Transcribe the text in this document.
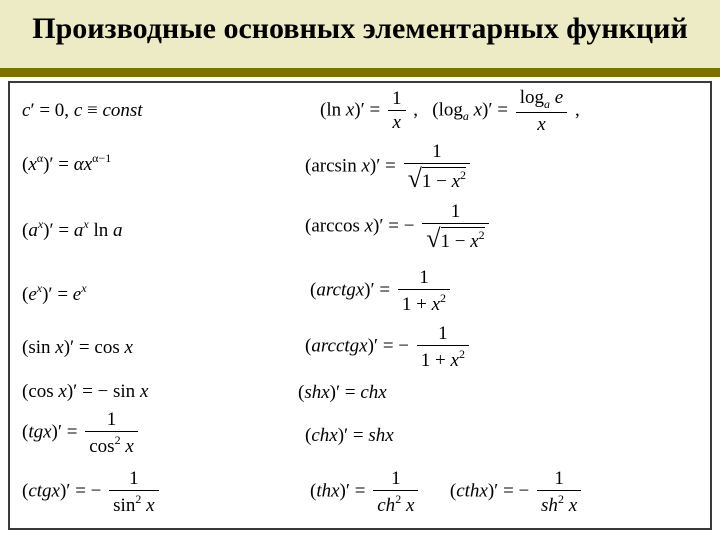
Производные основных элементарных функций
c′ = 0, c ≡ const
$(x^\alpha)' = \alpha x^{\alpha-1}$
$(a^x)' = a^x$ ln a
$(e^x)' = e^x$
(sin x)′ = cos x
(cos x)′ = − sin x
$(tgx)' = \frac{1}{\cos^2 x}$
(ctgx)′ = − $\frac{1}{\sin^2 x}$
(ln $x)' = \frac{1}{x}$ ,   ($\log_a$ $x)' = \frac{\log_a e}{x}$ ,
(arcsin $x)' = \frac{1}{√1 - x^2}$
(arccos x)′ = − $\frac{1}{√1 - x^2}$
(arctgx)′ = $\frac{1}{1 + x^2}$
(arcctgx)′ = − $\frac{1}{1 + x^2}$
(shx)′ = chx
(chx)′ = shx
$(thx)' = \frac{1}{ch^2 x}$ (cthx)′ = − $\frac{1}{sh^2 x}$
